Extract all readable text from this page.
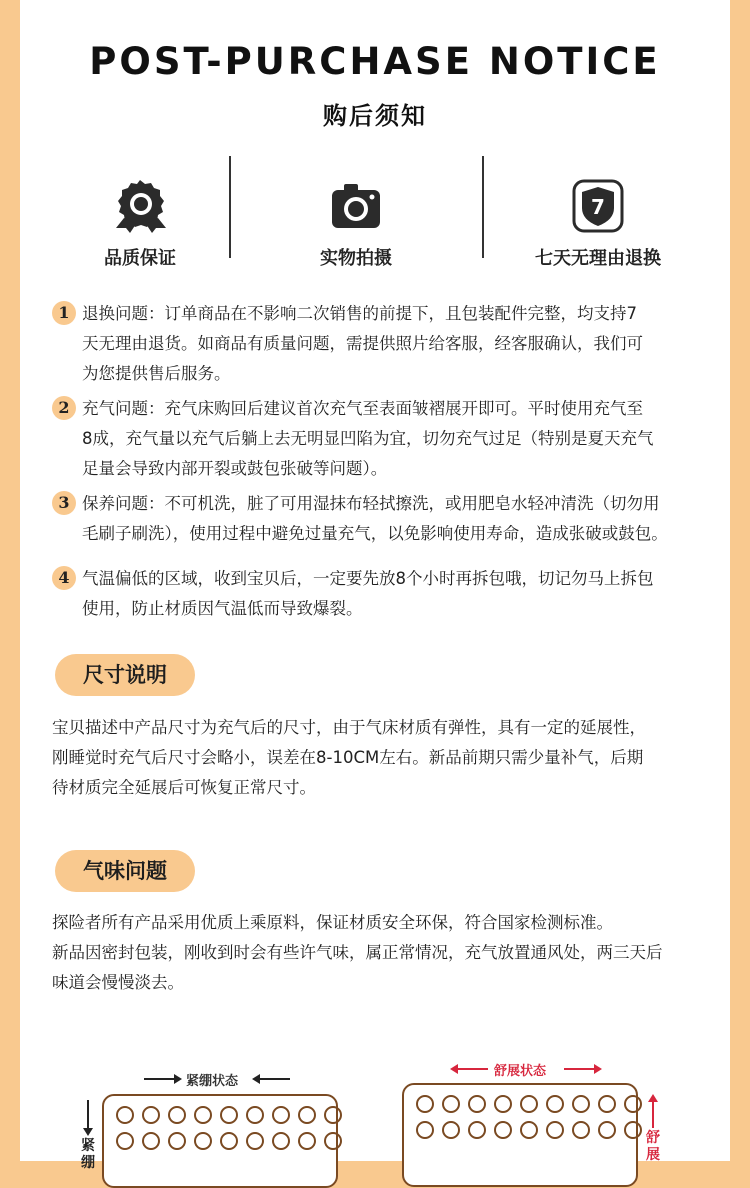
POST-PURCHASE NOTICE
购后须知
品质保证	实物拍摄
7
七天无理由退换
1 退换问题：订单商品在不影响二次销售的前提下，且包装配件完整，均支持7
天无理由退货。如商品有质量问题，需提供照片给客服，经客服确认，我们可
为您提供售后服务。
2 充气问题：充气床购回后建议首次充气至表面皱褶展开即可。平时使用充气至
8成，充气量以充气后躺上去无明显凹陷为宜，切勿充气过足（特别是夏天充气
足量会导致内部开裂或鼓包张破等问题）。
3 保养问题：不可机洗，脏了可用湿抹布轻拭擦洗，或用肥皂水轻冲清洗（切勿用
毛刷子刷洗），使用过程中避免过量充气，以免影响使用寿命，造成张破或鼓包。
4 气温偏低的区域，收到宝贝后，一定要先放8个小时再拆包哦，切记勿马上拆包
使用，防止材质因气温低而导致爆裂。
尺寸说明
宝贝描述中产品尺寸为充气后的尺寸，由于气床材质有弹性，具有一定的延展性，
刚睡觉时充气后尺寸会略小，误差在8-10CM左右。新品前期只需少量补气，后期
待材质完全延展后可恢复正常尺寸。
气味问题
探险者所有产品采用优质上乘原料，保证材质安全环保，符合国家检测标准。
新品因密封包装，刚收到时会有些许气味，属正常情况，充气放置通风处，两三天后
味道会慢慢淡去。
紧绷状态
紧绷
舒展状态
舒展
